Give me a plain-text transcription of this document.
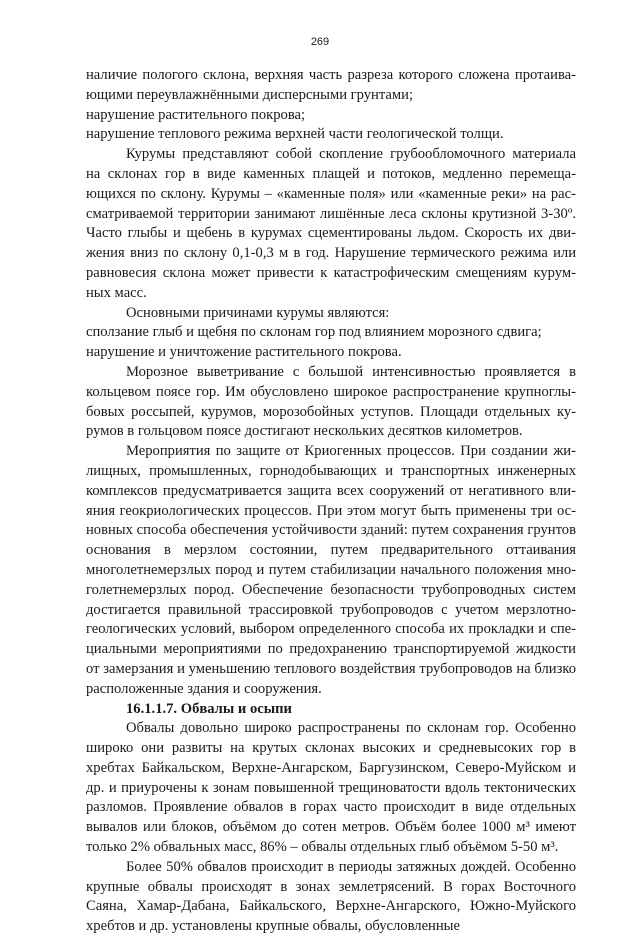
269

наличие пологого склона, верхняя часть разреза которого сложена протаивающими переувлажнёнными дисперсными грунтами;

нарушение растительного покрова;

нарушение теплового режима верхней части геологической толщи.

Курумы представляют собой скопление грубообломочного материала на склонах гор в виде каменных плащей и потоков, медленно перемещающихся по склону. Курумы – «каменные поля» или «каменные реки» на рассматриваемой территории занимают лишённые леса склоны крутизной 3-30º. Часто глыбы и щебень в курумах сцементированы льдом. Скорость их движения вниз по склону 0,1-0,3 м в год. Нарушение термического режима или равновесия склона может привести к катастрофическим смещениям курумных масс.

Основными причинами курумы являются:

сползание глыб и щебня по склонам гор под влиянием морозного сдвига;

нарушение и уничтожение растительного покрова.

Морозное выветривание с большой интенсивностью проявляется в кольцевом поясе гор. Им обусловлено широкое распространение крупноглыбовых россыпей, курумов, морозобойных уступов. Площади отдельных курумов в гольцовом поясе достигают нескольких десятков километров.

Мероприятия по защите от Криогенных процессов. При создании жилищных, промышленных, горнодобывающих и транспортных инженерных комплексов предусматривается защита всех сооружений от негативного влияния геокриологических процессов. При этом могут быть применены три основных способа обеспечения устойчивости зданий: путем сохранения грунтов основания в мерзлом состоянии, путем предварительного оттаивания многолетнемерзлых пород и путем стабилизации начального положения многолетнемерзлых пород. Обеспечение безопасности трубопроводных систем достигается правильной трассировкой трубопроводов с учетом мерзлотно-геологических условий, выбором определенного способа их прокладки и специальными мероприятиями по предохранению транспортируемой жидкости от замерзания и уменьшению теплового воздействия трубопроводов на близко расположенные здания и сооружения.

16.1.1.7. Обвалы и осыпи

Обвалы довольно широко распространены по склонам гор. Особенно широко они развиты на крутых склонах высоких и средневысоких гор в хребтах Байкальском, Верхне-Ангарском, Баргузинском, Северо-Муйском и др. и приурочены к зонам повышенной трещиноватости вдоль тектонических разломов. Проявление обвалов в горах часто происходит в виде отдельных вывалов или блоков, объёмом до сотен метров. Объём более 1000 м³ имеют только 2% обвальных масс, 86% – обвалы отдельных глыб объёмом 5-50 м³.

Более 50% обвалов происходит в периоды затяжных дождей. Особенно крупные обвалы происходят в зонах землетрясений. В горах Восточного Саяна, Хамар-Дабана, Байкальского, Верхне-Ангарского, Южно-Муйского хребтов и др. установлены крупные обвалы, обусловленные
